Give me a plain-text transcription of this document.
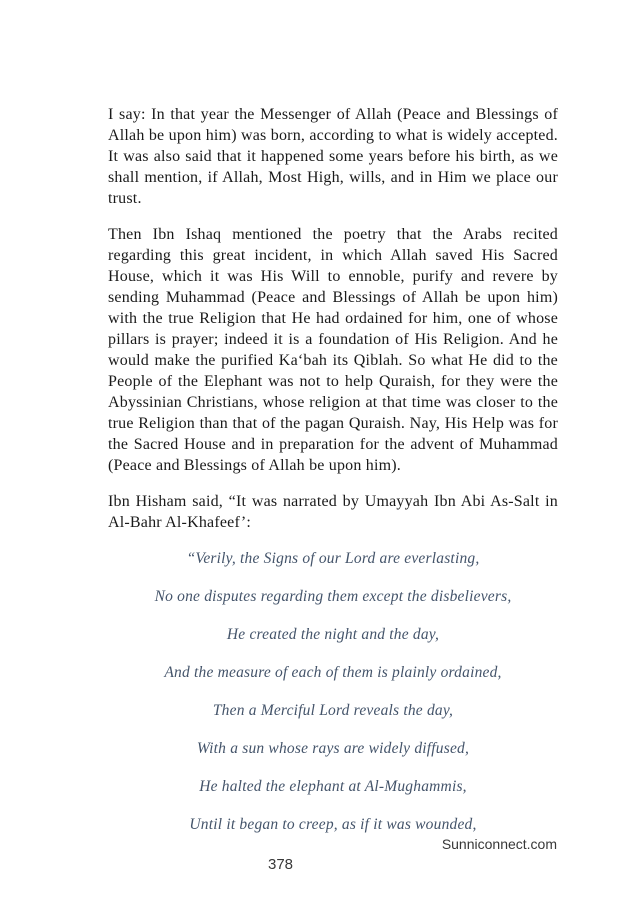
I say: In that year the Messenger of Allah (Peace and Blessings of Allah be upon him) was born, according to what is widely accepted. It was also said that it happened some years before his birth, as we shall mention, if Allah, Most High, wills, and in Him we place our trust.

Then Ibn Ishaq mentioned the poetry that the Arabs recited regarding this great incident, in which Allah saved His Sacred House, which it was His Will to ennoble, purify and revere by sending Muhammad (Peace and Blessings of Allah be upon him) with the true Religion that He had ordained for him, one of whose pillars is prayer; indeed it is a foundation of His Religion. And he would make the purified Ka‘bah its Qiblah. So what He did to the People of the Elephant was not to help Quraish, for they were the Abyssinian Christians, whose religion at that time was closer to the true Religion than that of the pagan Quraish. Nay, His Help was for the Sacred House and in preparation for the advent of Muhammad (Peace and Blessings of Allah be upon him).

Ibn Hisham said, “It was narrated by Umayyah Ibn Abi As-Salt in Al-Bahr Al-Khafeef’:

“Verily, the Signs of our Lord are everlasting,

No one disputes regarding them except the disbelievers,

He created the night and the day,

And the measure of each of them is plainly ordained,

Then a Merciful Lord reveals the day,

With a sun whose rays are widely diffused,

He halted the elephant at Al-Mughammis,

Until it began to creep, as if it was wounded,

Sunniconnect.com
378
